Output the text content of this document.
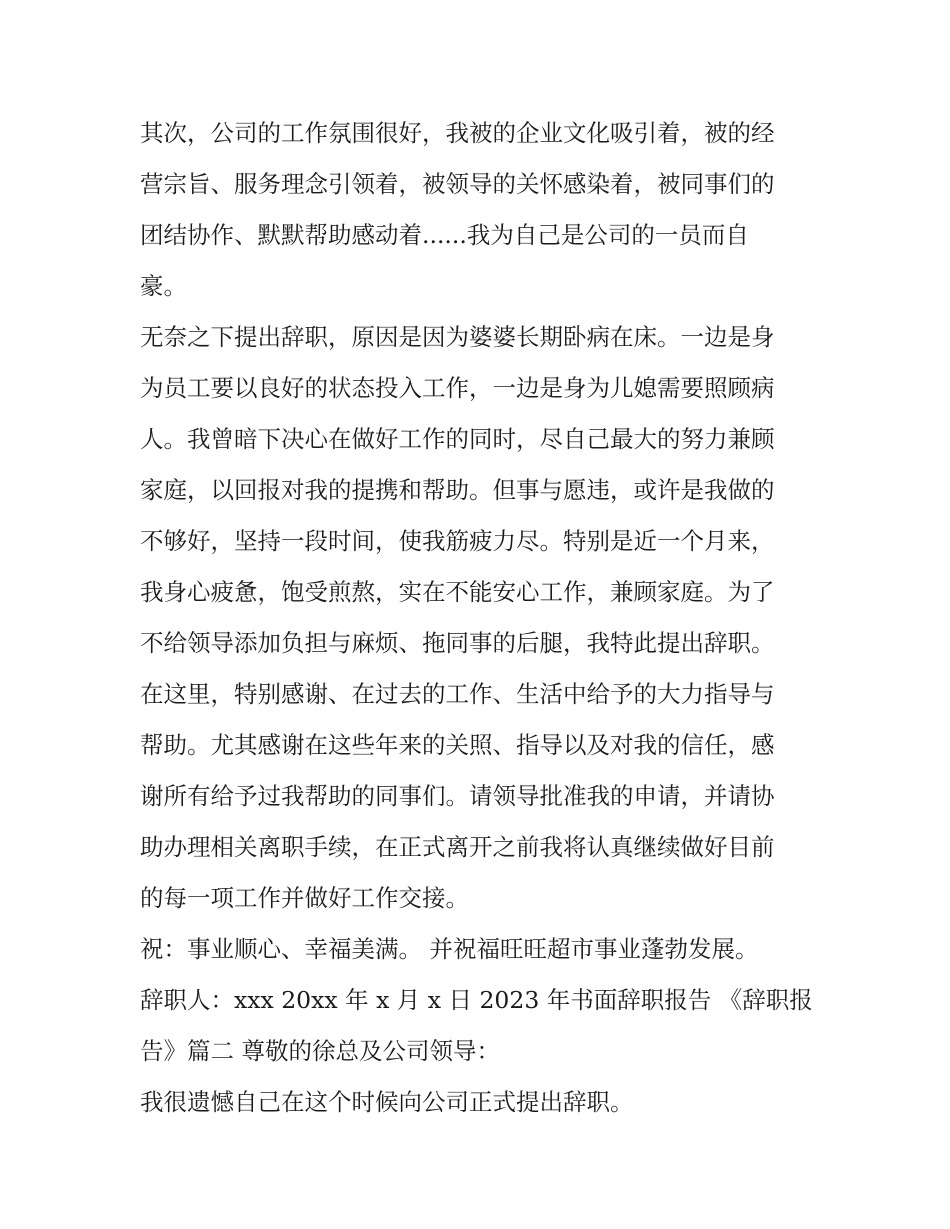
其次，公司的工作氛围很好，我被的企业文化吸引着，被的经
营宗旨、服务理念引领着，被领导的关怀感染着，被同事们的
团结协作、默默帮助感动着......我为自己是公司的一员而自
豪。

无奈之下提出辞职，原因是因为婆婆长期卧病在床。一边是身
为员工要以良好的状态投入工作，一边是身为儿媳需要照顾病
人。我曾暗下决心在做好工作的同时，尽自己最大的努力兼顾
家庭，以回报对我的提携和帮助。但事与愿违，或许是我做的
不够好，坚持一段时间，使我筋疲力尽。特别是近一个月来，
我身心疲惫，饱受煎熬，实在不能安心工作，兼顾家庭。为了
不给领导添加负担与麻烦、拖同事的后腿，我特此提出辞职。

在这里，特别感谢、在过去的工作、生活中给予的大力指导与
帮助。尤其感谢在这些年来的关照、指导以及对我的信任，感
谢所有给予过我帮助的同事们。请领导批准我的申请，并请协
助办理相关离职手续，在正式离开之前我将认真继续做好目前
的每一项工作并做好工作交接。

祝：事业顺心、幸福美满。 并祝福旺旺超市事业蓬勃发展。

辞职人：xxx 20xx 年 x 月 x 日 2023 年书面辞职报告 《辞职报
告》篇二 尊敬的徐总及公司领导：

我很遗憾自己在这个时候向公司正式提出辞职。
